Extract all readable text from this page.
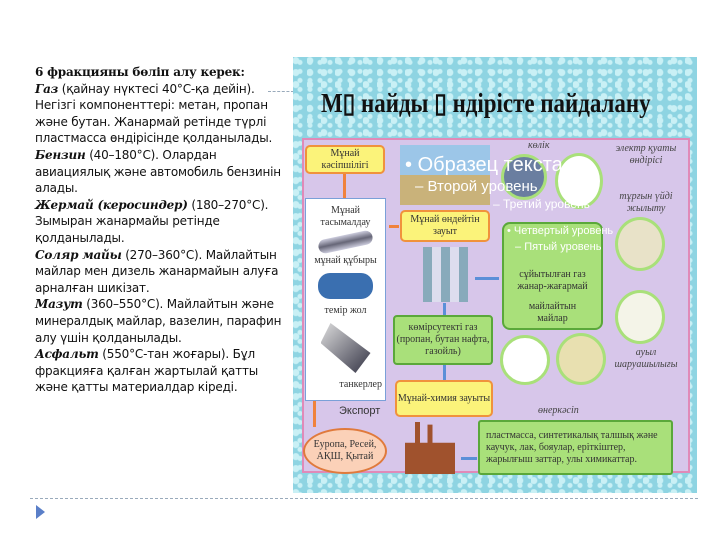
6 фракцияны бөліп алу керек:
Газ (қайнау нүктесі 40°С-қа дейін). Негізгі компоненттері: метан, пропан және бутан. Жанармай ретінде түрлі пластмасса өндірісінде қолданылады.
Бензин (40–180°С). Олардан авиациялық және автомобиль бензинін алады.
Жермай (керосиндер) (180–270°С). Зымыран жанармайы ретінде қолданылады.
Соляр майы (270–360°С). Майлайтын майлар мен дизель жанармайын алуға арналған шикізат.
Мазут (360–550°С). Майлайтын және минералдық майлар, вазелин, парафин алу үшін қолданылады.
Асфальт (550°С-тан жоғары). Бұл фракцияға қалған жартылай қатты және қатты материалдар кіреді.
М▯ найды ▯ ндірісте пайдалану
Мұнай кәсіпшілігі
Мұнай тасымалдау
мұнай құбыры
темір жол
танкерлер
Экспорт
Еуропа, Ресей, АҚШ, Қытай
Мұнай өндейтін зауыт
сұйытылған газ
жанар-жағармай
майлайтын майлар
көмірсутекті газ (пропан, бутан нафта, газойль)
Мұнай-химия зауыты
пластмасса, синтетикалық талшық және каучук, лак, бояулар, еріткіштер, жарылғыш заттар, улы химикаттар.
көлік	электр қуаты өндірісі
тұрғын үйді жылыту
ауыл шаруашылығы
өнеркәсіп
• Образец текста
– Второй уровень
– Третий уровень
• Четвертый уровень
– Пятый уровень
